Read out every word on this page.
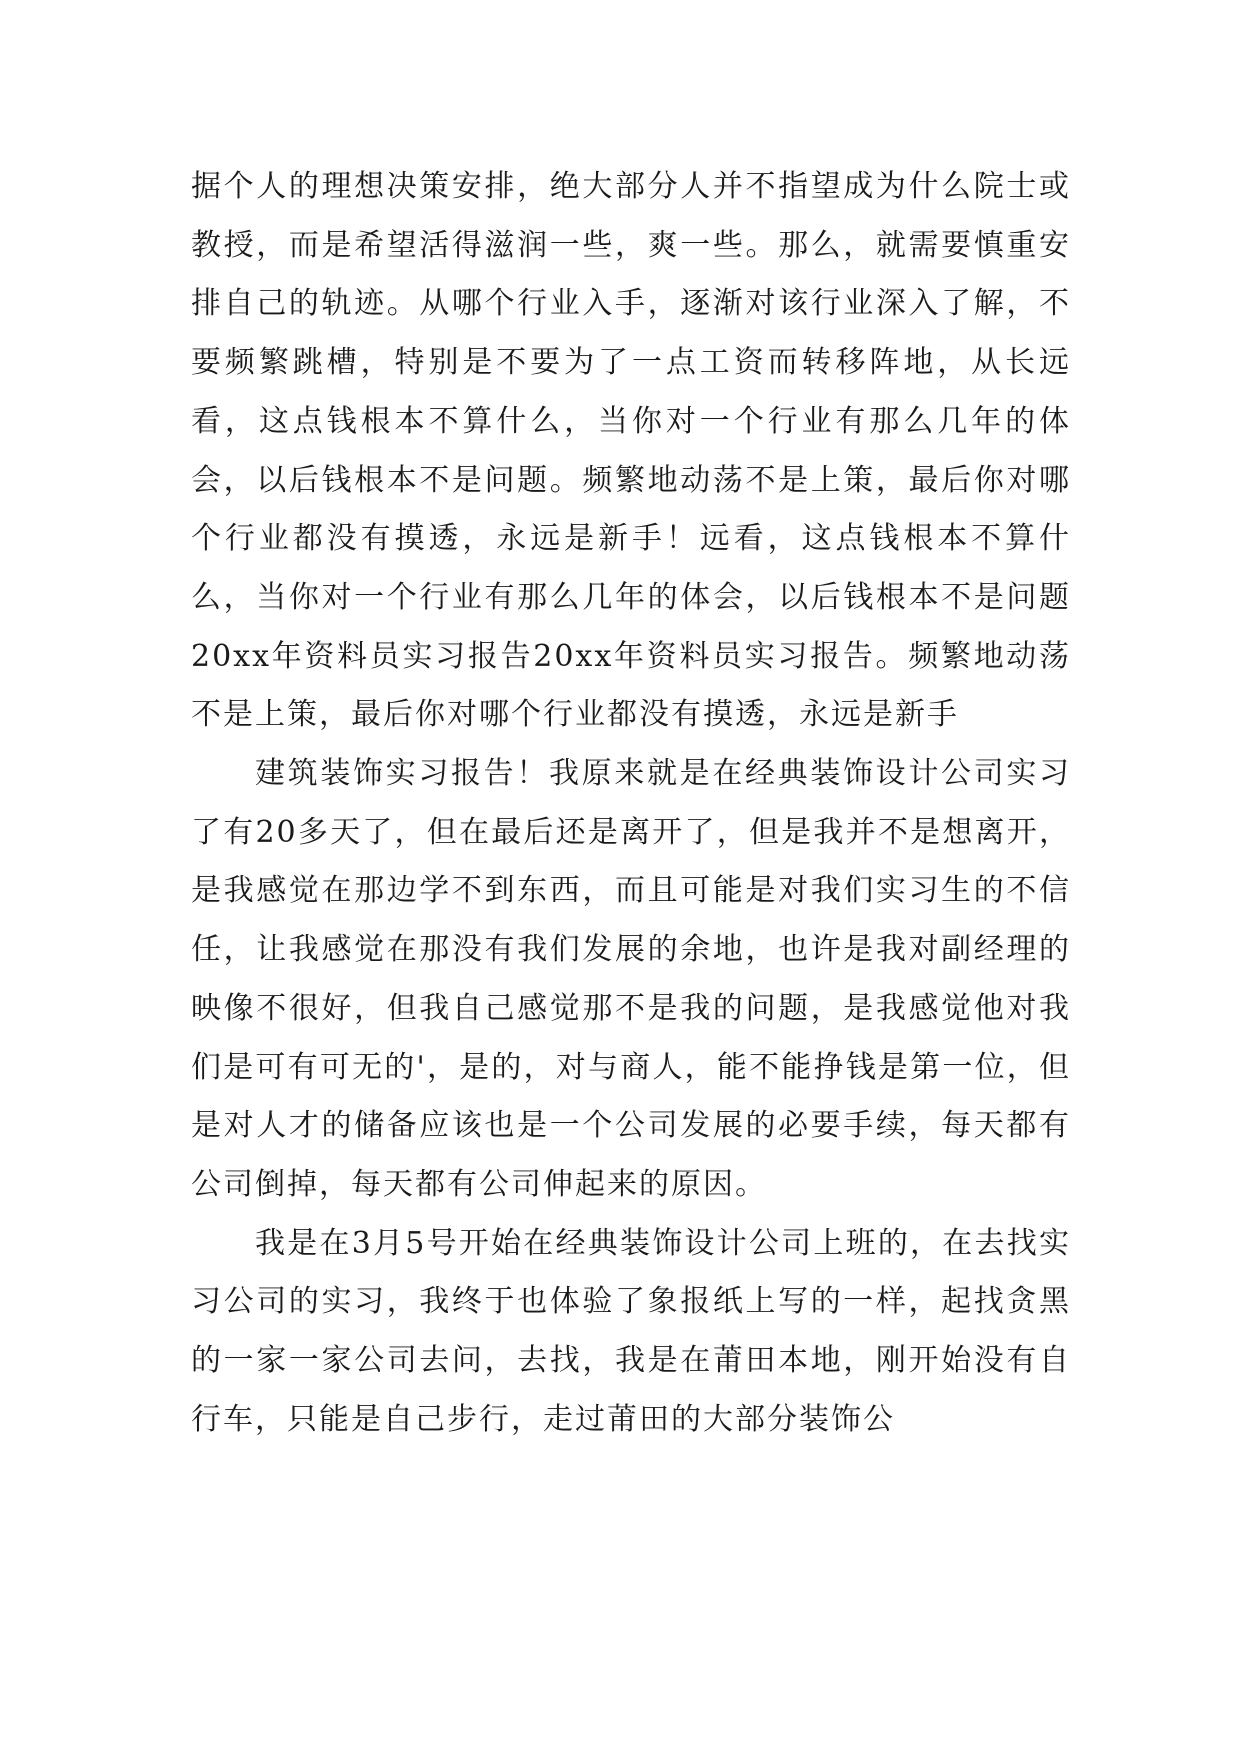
据个人的理想决策安排，绝大部分人并不指望成为什么院士或教授，而是希望活得滋润一些，爽一些。那么，就需要慎重安排自己的轨迹。从哪个行业入手，逐渐对该行业深入了解，不要频繁跳槽，特别是不要为了一点工资而转移阵地，从长远看，这点钱根本不算什么，当你对一个行业有那么几年的体会，以后钱根本不是问题。频繁地动荡不是上策，最后你对哪个行业都没有摸透，永远是新手！远看，这点钱根本不算什么，当你对一个行业有那么几年的体会，以后钱根本不是问题20xx年资料员实习报告20xx年资料员实习报告。频繁地动荡不是上策，最后你对哪个行业都没有摸透，永远是新手

建筑装饰实习报告！我原来就是在经典装饰设计公司实习了有20多天了，但在最后还是离开了，但是我并不是想离开，是我感觉在那边学不到东西，而且可能是对我们实习生的不信任，让我感觉在那没有我们发展的余地，也许是我对副经理的映像不很好，但我自己感觉那不是我的问题，是我感觉他对我们是可有可无的'，是的，对与商人，能不能挣钱是第一位，但是对人才的储备应该也是一个公司发展的必要手续，每天都有公司倒掉，每天都有公司伸起来的原因。

我是在3月5号开始在经典装饰设计公司上班的，在去找实习公司的实习，我终于也体验了象报纸上写的一样，起找贪黑的一家一家公司去问，去找，我是在莆田本地，刚开始没有自行车，只能是自己步行，走过莆田的大部分装饰公
